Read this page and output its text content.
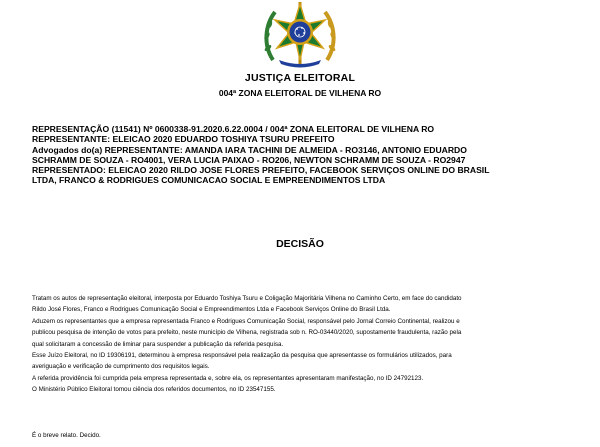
JUSTIÇA ELEITORAL
004ª ZONA ELEITORAL DE VILHENA RO

REPRESENTAÇÃO (11541) Nº 0600338-91.2020.6.22.0004 / 004ª ZONA ELEITORAL DE VILHENA RO

REPRESENTANTE: ELEICAO 2020 EDUARDO TOSHIYA TSURU PREFEITO

Advogados do(a) REPRESENTANTE: AMANDA IARA TACHINI DE ALMEIDA - RO3146, ANTONIO EDUARDO

SCHRAMM DE SOUZA - RO4001, VERA LUCIA PAIXAO - RO206, NEWTON SCHRAMM DE SOUZA - RO2947

REPRESENTADO: ELEICAO 2020 RILDO JOSE FLORES PREFEITO, FACEBOOK SERVIÇOS ONLINE DO BRASIL

LTDA, FRANCO & RODRIGUES COMUNICACAO SOCIAL E EMPREENDIMENTOS LTDA

DECISÃO

Tratam os autos de representação eleitoral, interposta por Eduardo Toshiya Tsuru e Coligação Majoritária Vilhena no Caminho Certo, em face do candidato

Rildo José Flores, Franco e Rodrigues Comunicação Social e Empreendimentos Ltda e Facebook Serviços Online do Brasil Ltda.

Aduzem os representantes que a empresa representada Franco e Rodrigues Comunicação Social, responsável pelo Jornal Correio Continental, realizou e

publicou pesquisa de intenção de votos para prefeito, neste município de Vilhena, registrada sob n. RO-03440/2020, supostamente fraudulenta, razão pela

qual solicitaram a concessão de liminar para suspender a publicação da referida pesquisa.

Esse Juízo Eleitoral, no ID 19306191, determinou à empresa responsável pela realização da pesquisa que apresentasse os formulários utilizados, para

averiguação e verificação de cumprimento dos requisitos legais.

A referida providência foi cumprida pela empresa representada e, sobre ela, os representantes apresentaram manifestação, no ID 24792123.

O Ministério Público Eleitoral tomou ciência dos referidos documentos, no ID 23547155.

É o breve relato. Decido.
